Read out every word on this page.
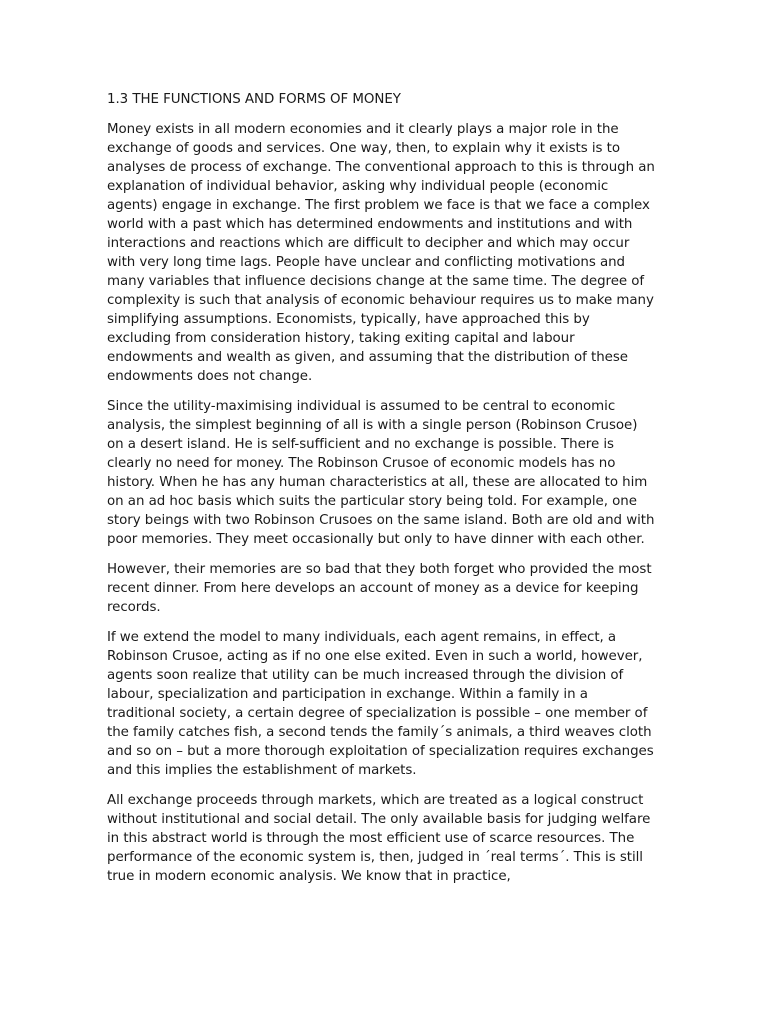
1.3 THE FUNCTIONS AND FORMS OF MONEY

Money exists in all modern economies and it clearly plays a major role in the exchange of goods and services. One way, then, to explain why it exists is to analyses de process of exchange. The conventional approach to this is through an explanation of individual behavior, asking why individual people (economic agents) engage in exchange. The first problem we face is that we face a complex world with a past which has determined endowments and institutions and with interactions and reactions which are difficult to decipher and which may occur with very long time lags. People have unclear and conflicting motivations and many variables that influence decisions change at the same time. The degree of complexity is such that analysis of economic behaviour requires us to make many simplifying assumptions. Economists, typically, have approached this by excluding from consideration history, taking exiting capital and labour endowments and wealth as given, and assuming that the distribution of these endowments does not change.

Since the utility-maximising individual is assumed to be central to economic analysis, the simplest beginning of all is with a single person (Robinson Crusoe) on a desert island. He is self-sufficient and no exchange is possible. There is clearly no need for money. The Robinson Crusoe of economic models has no history. When he has any human characteristics at all, these are allocated to him on an ad hoc basis which suits the particular story being told. For example, one story beings with two Robinson Crusoes on the same island. Both are old and with poor memories. They meet occasionally but only to have dinner with each other.

However, their memories are so bad that they both forget who provided the most recent dinner. From here develops an account of money as a device for keeping records.

If we extend the model to many individuals, each agent remains, in effect, a Robinson Crusoe, acting as if no one else exited. Even in such a world, however, agents soon realize that utility can be much increased through the division of labour, specialization and participation in exchange. Within a family in a traditional society, a certain degree of specialization is possible – one member of the family catches fish, a second tends the family´s animals, a third weaves cloth and so on – but a more thorough exploitation of specialization requires exchanges and this implies the establishment of markets.

All exchange proceeds through markets, which are treated as a logical construct without institutional and social detail. The only available basis for judging welfare in this abstract world is through the most efficient use of scarce resources. The performance of the economic system is, then, judged in ´real terms´. This is still true in modern economic analysis. We know that in practice,
